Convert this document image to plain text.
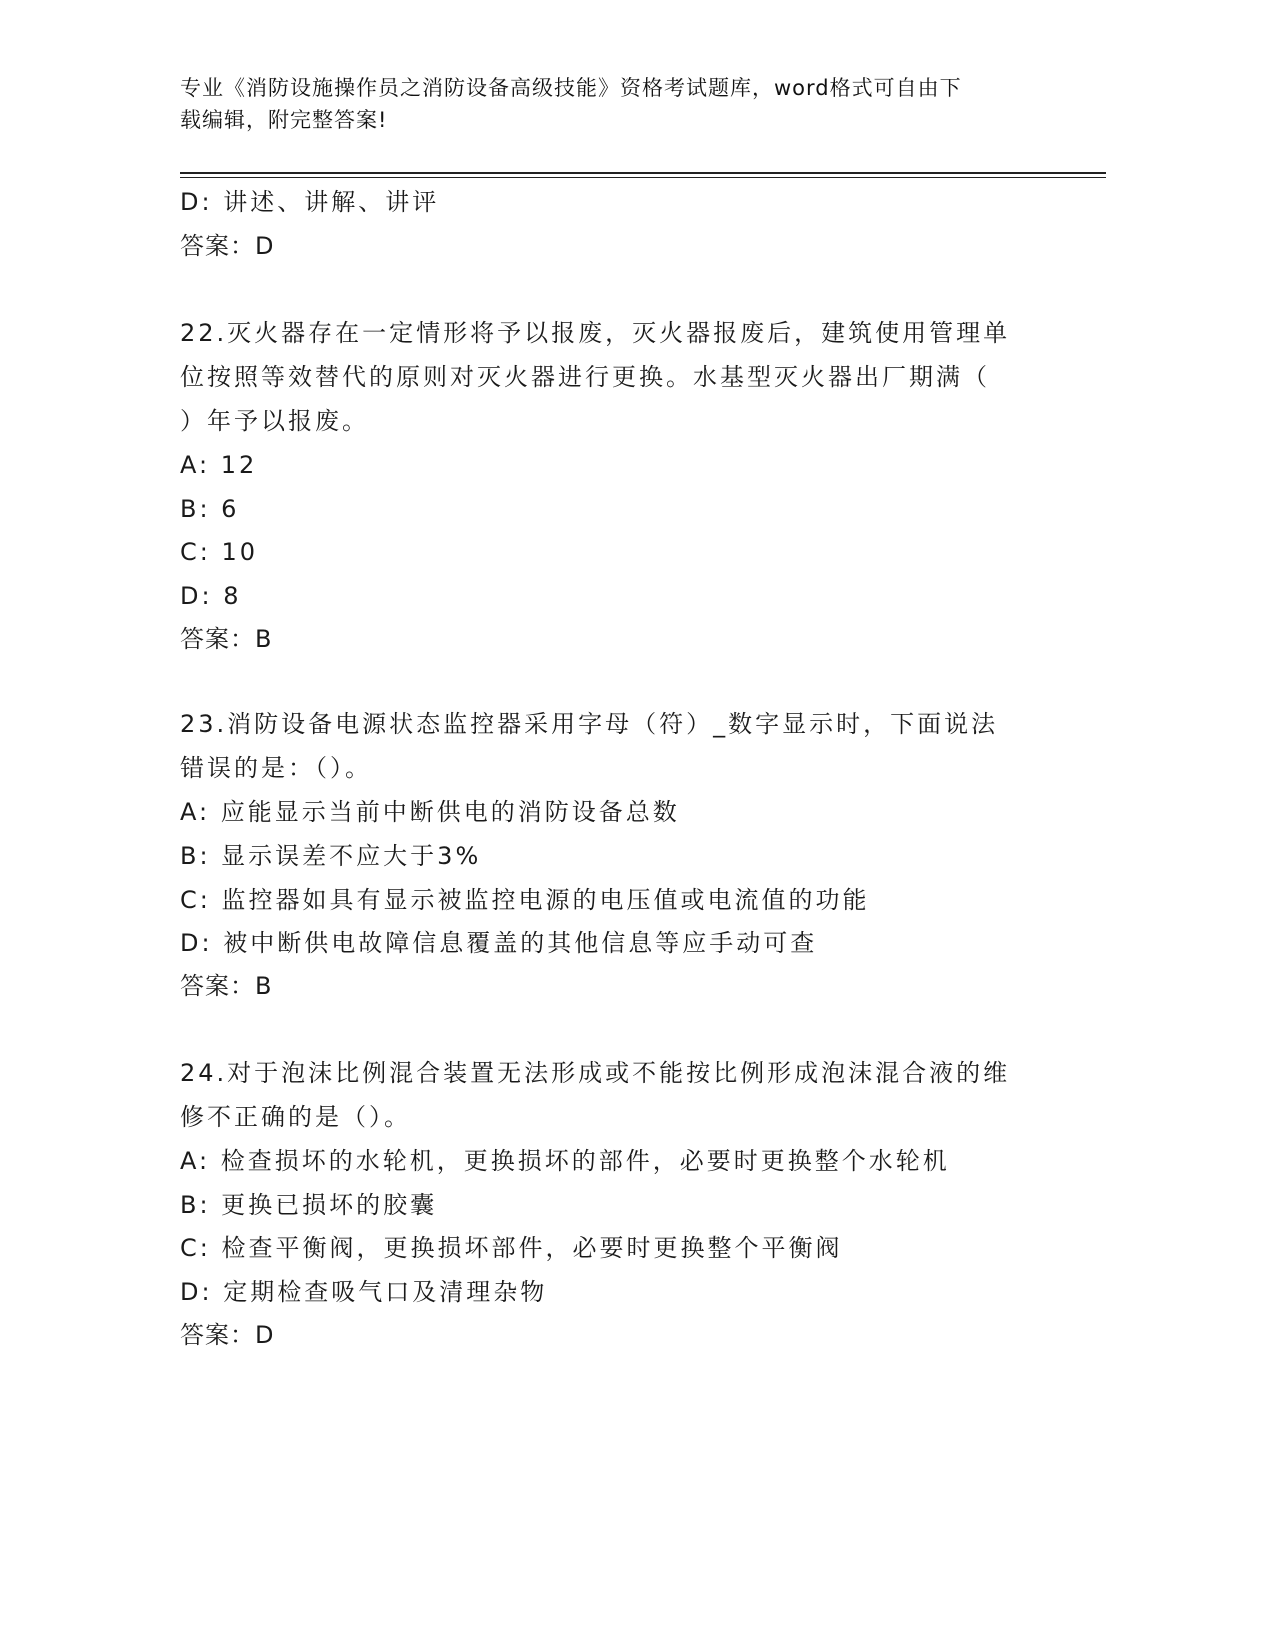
专业《消防设施操作员之消防设备高级技能》资格考试题库，word格式可自由下
载编辑，附完整答案!
D: 讲述、讲解、讲评
答案：D
22.灭火器存在一定情形将予以报废，灭火器报废后，建筑使用管理单
位按照等效替代的原则对灭火器进行更换。水基型灭火器出厂期满（
）年予以报废。
A: 12
B: 6
C: 10
D: 8
答案：B
23.消防设备电源状态监控器采用字母（符）_数字显示时，下面说法
错误的是：（）。
A: 应能显示当前中断供电的消防设备总数
B: 显示误差不应大于3%
C: 监控器如具有显示被监控电源的电压值或电流值的功能
D: 被中断供电故障信息覆盖的其他信息等应手动可查
答案：B
24.对于泡沫比例混合装置无法形成或不能按比例形成泡沫混合液的维
修不正确的是（）。
A: 检查损坏的水轮机，更换损坏的部件，必要时更换整个水轮机
B: 更换已损坏的胶囊
C: 检查平衡阀，更换损坏部件，必要时更换整个平衡阀
D: 定期检查吸气口及清理杂物
答案：D
